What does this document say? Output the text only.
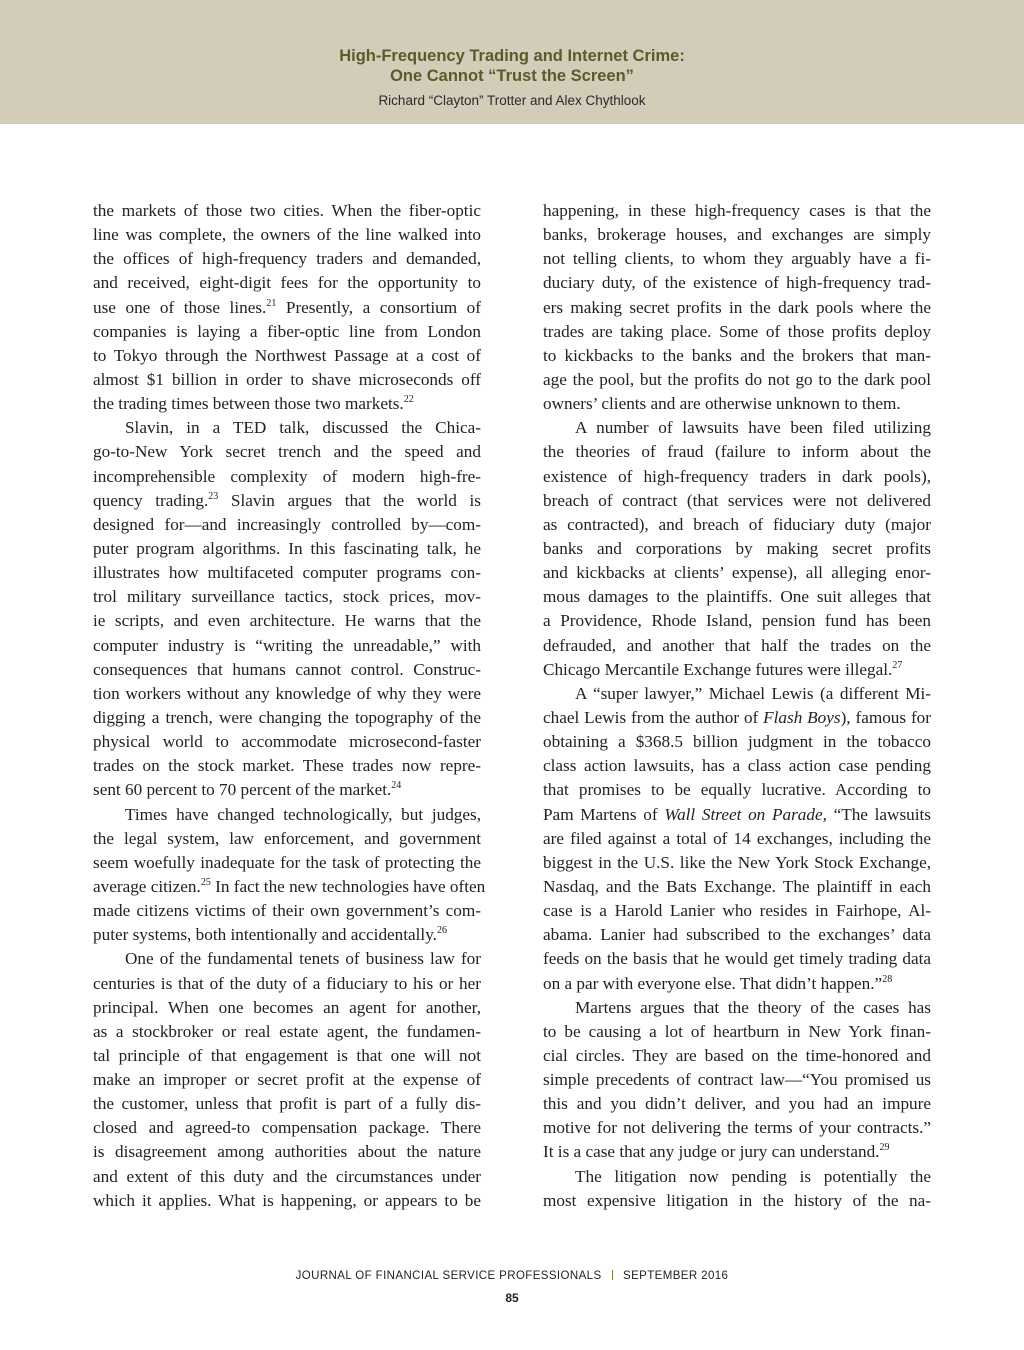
High-Frequency Trading and Internet Crime:
One Cannot “Trust the Screen”
Richard “Clayton” Trotter and Alex Chythlook
the markets of those two cities. When the fiber-optic
line was complete, the owners of the line walked into
the offices of high-frequency traders and demanded,
and received, eight-digit fees for the opportunity to
use one of those lines.$^{21}$ Presently, a consortium of
companies is laying a fiber-optic line from London
to Tokyo through the Northwest Passage at a cost of
almost $1 billion in order to shave microseconds off
the trading times between those two markets.$^{22}$
Slavin, in a TED talk, discussed the Chica-
go-to-New York secret trench and the speed and
incomprehensible complexity of modern high-fre-
quency trading.$^{23}$ Slavin argues that the world is
designed for—and increasingly controlled by—com-
puter program algorithms. In this fascinating talk, he
illustrates how multifaceted computer programs con-
trol military surveillance tactics, stock prices, mov-
ie scripts, and even architecture. He warns that the
computer industry is “writing the unreadable,” with
consequences that humans cannot control. Construc-
tion workers without any knowledge of why they were
digging a trench, were changing the topography of the
physical world to accommodate microsecond-faster
trades on the stock market. These trades now repre-
sent 60 percent to 70 percent of the market.$^{24}$
Times have changed technologically, but judges,
the legal system, law enforcement, and government
seem woefully inadequate for the task of protecting the
average citizen.$^{25}$ In fact the new technologies have often
made citizens victims of their own government’s com-
puter systems, both intentionally and accidentally.$^{26}$
One of the fundamental tenets of business law for
centuries is that of the duty of a fiduciary to his or her
principal. When one becomes an agent for another,
as a stockbroker or real estate agent, the fundamen-
tal principle of that engagement is that one will not
make an improper or secret profit at the expense of
the customer, unless that profit is part of a fully dis-
closed and agreed-to compensation package. There
is disagreement among authorities about the nature
and extent of this duty and the circumstances under
which it applies. What is happening, or appears to be
happening, in these high-frequency cases is that the
banks, brokerage houses, and exchanges are simply
not telling clients, to whom they arguably have a fi-
duciary duty, of the existence of high-frequency trad-
ers making secret profits in the dark pools where the
trades are taking place. Some of those profits deploy
to kickbacks to the banks and the brokers that man-
age the pool, but the profits do not go to the dark pool
owners’ clients and are otherwise unknown to them.
A number of lawsuits have been filed utilizing
the theories of fraud (failure to inform about the
existence of high-frequency traders in dark pools),
breach of contract (that services were not delivered
as contracted), and breach of fiduciary duty (major
banks and corporations by making secret profits
and kickbacks at clients’ expense), all alleging enor-
mous damages to the plaintiffs. One suit alleges that
a Providence, Rhode Island, pension fund has been
defrauded, and another that half the trades on the
Chicago Mercantile Exchange futures were illegal.$^{27}$
A “super lawyer,” Michael Lewis (a different Mi-
chael Lewis from the author of Flash Boys), famous for
obtaining a $368.5 billion judgment in the tobacco
class action lawsuits, has a class action case pending
that promises to be equally lucrative. According to
Pam Martens of Wall Street on Parade, “The lawsuits
are filed against a total of 14 exchanges, including the
biggest in the U.S. like the New York Stock Exchange,
Nasdaq, and the Bats Exchange. The plaintiff in each
case is a Harold Lanier who resides in Fairhope, Al-
abama. Lanier had subscribed to the exchanges’ data
feeds on the basis that he would get timely trading data
on a par with everyone else. That didn’t happen.”$^{28}$
Martens argues that the theory of the cases has
to be causing a lot of heartburn in New York finan-
cial circles. They are based on the time-honored and
simple precedents of contract law—“You promised us
this and you didn’t deliver, and you had an impure
motive for not delivering the terms of your contracts.”
It is a case that any judge or jury can understand.$^{29}$
The litigation now pending is potentially the
most expensive litigation in the history of the na-
JOURNAL OF FINANCIAL SERVICE PROFESSIONALS SEPTEMBER 2016
85
